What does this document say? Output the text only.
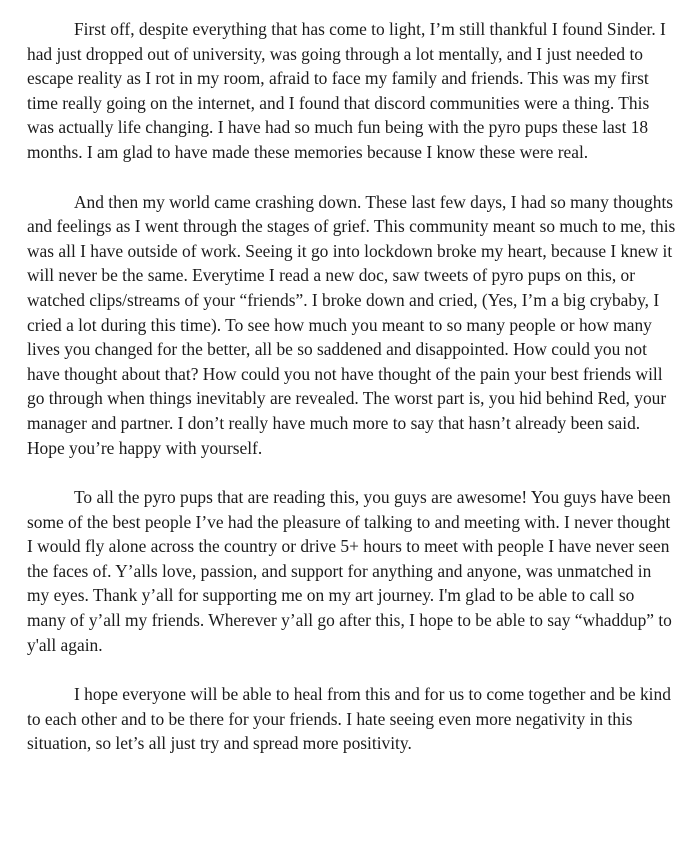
First off, despite everything that has come to light, I’m still thankful I found Sinder. I had just dropped out of university, was going through a lot mentally, and I just needed to escape reality as I rot in my room, afraid to face my family and friends. This was my first time really going on the internet, and I found that discord communities were a thing. This was actually life changing. I have had so much fun being with the pyro pups these last 18 months. I am glad to have made these memories because I know these were real.

And then my world came crashing down. These last few days, I had so many thoughts and feelings as I went through the stages of grief. This community meant so much to me, this was all I have outside of work. Seeing it go into lockdown broke my heart, because I knew it will never be the same. Everytime I read a new doc, saw tweets of pyro pups on this, or watched clips/streams of your “friends”. I broke down and cried, (Yes, I’m a big crybaby, I cried a lot during this time). To see how much you meant to so many people or how many lives you changed for the better, all be so saddened and disappointed. How could you not have thought about that? How could you not have thought of the pain your best friends will go through when things inevitably are revealed. The worst part is, you hid behind Red, your manager and partner. I don’t really have much more to say that hasn’t already been said. Hope you’re happy with yourself.

To all the pyro pups that are reading this, you guys are awesome! You guys have been some of the best people I’ve had the pleasure of talking to and meeting with. I never thought I would fly alone across the country or drive 5+ hours to meet with people I have never seen the faces of. Y’alls love, passion, and support for anything and anyone, was unmatched in my eyes. Thank y’all for supporting me on my art journey. I'm glad to be able to call so many of y’all my friends. Wherever y’all go after this, I hope to be able to say “whaddup” to y'all again.

I hope everyone will be able to heal from this and for us to come together and be kind to each other and to be there for your friends. I hate seeing even more negativity in this situation, so let’s all just try and spread more positivity.
